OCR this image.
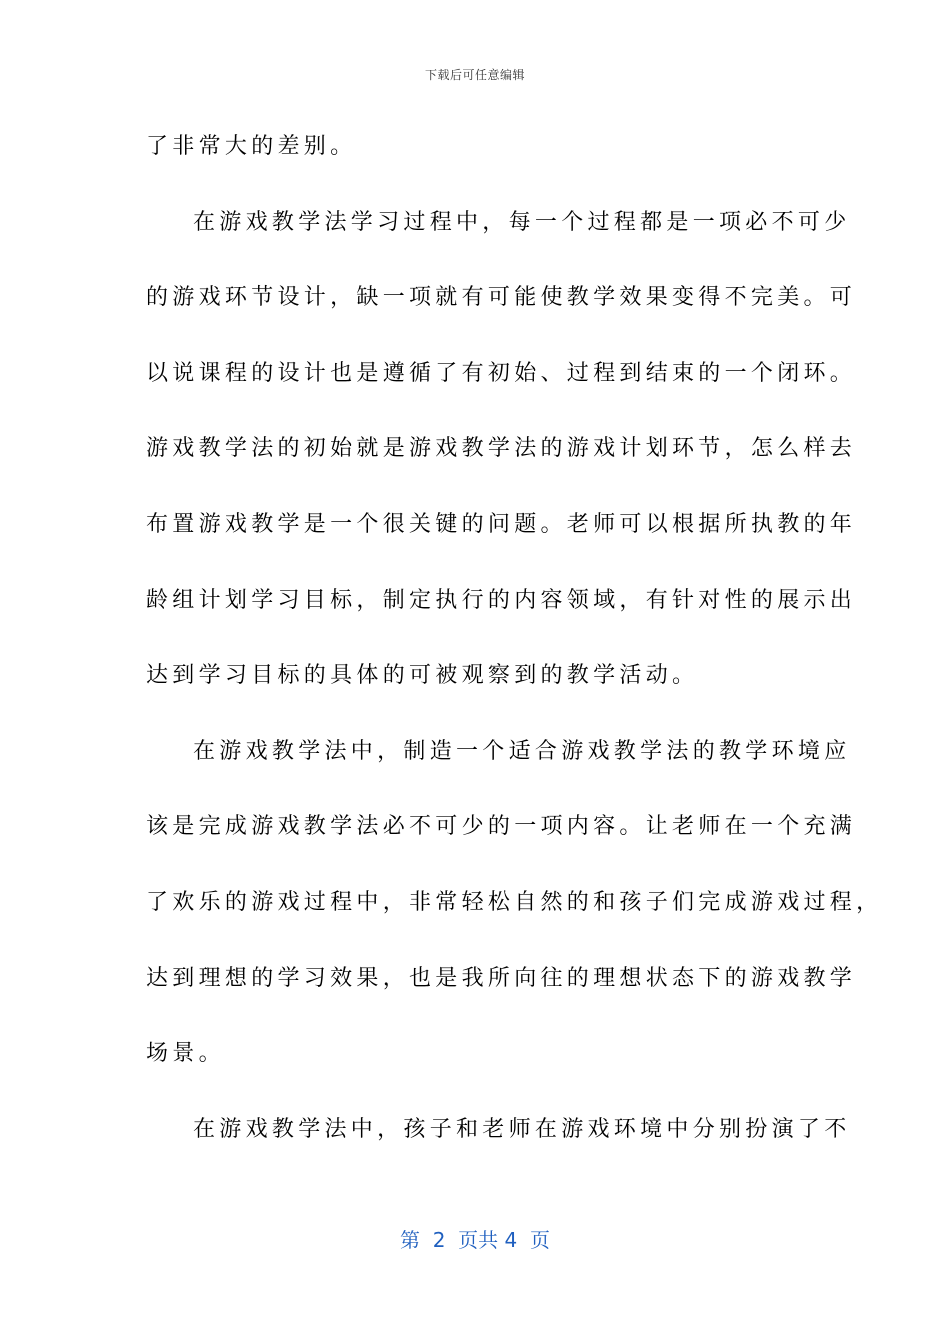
下载后可任意编辑
了非常大的差别。
在游戏教学法学习过程中，每一个过程都是一项必不可少
的游戏环节设计，缺一项就有可能使教学效果变得不完美。可
以说课程的设计也是遵循了有初始、过程到结束的一个闭环。
游戏教学法的初始就是游戏教学法的游戏计划环节，怎么样去
布置游戏教学是一个很关键的问题。老师可以根据所执教的年
龄组计划学习目标，制定执行的内容领域，有针对性的展示出
达到学习目标的具体的可被观察到的教学活动。
在游戏教学法中，制造一个适合游戏教学法的教学环境应
该是完成游戏教学法必不可少的一项内容。让老师在一个充满
了欢乐的游戏过程中，非常轻松自然的和孩子们完成游戏过程，
达到理想的学习效果，也是我所向往的理想状态下的游戏教学
场景。
在游戏教学法中，孩子和老师在游戏环境中分别扮演了不
第  2  页共 4  页
